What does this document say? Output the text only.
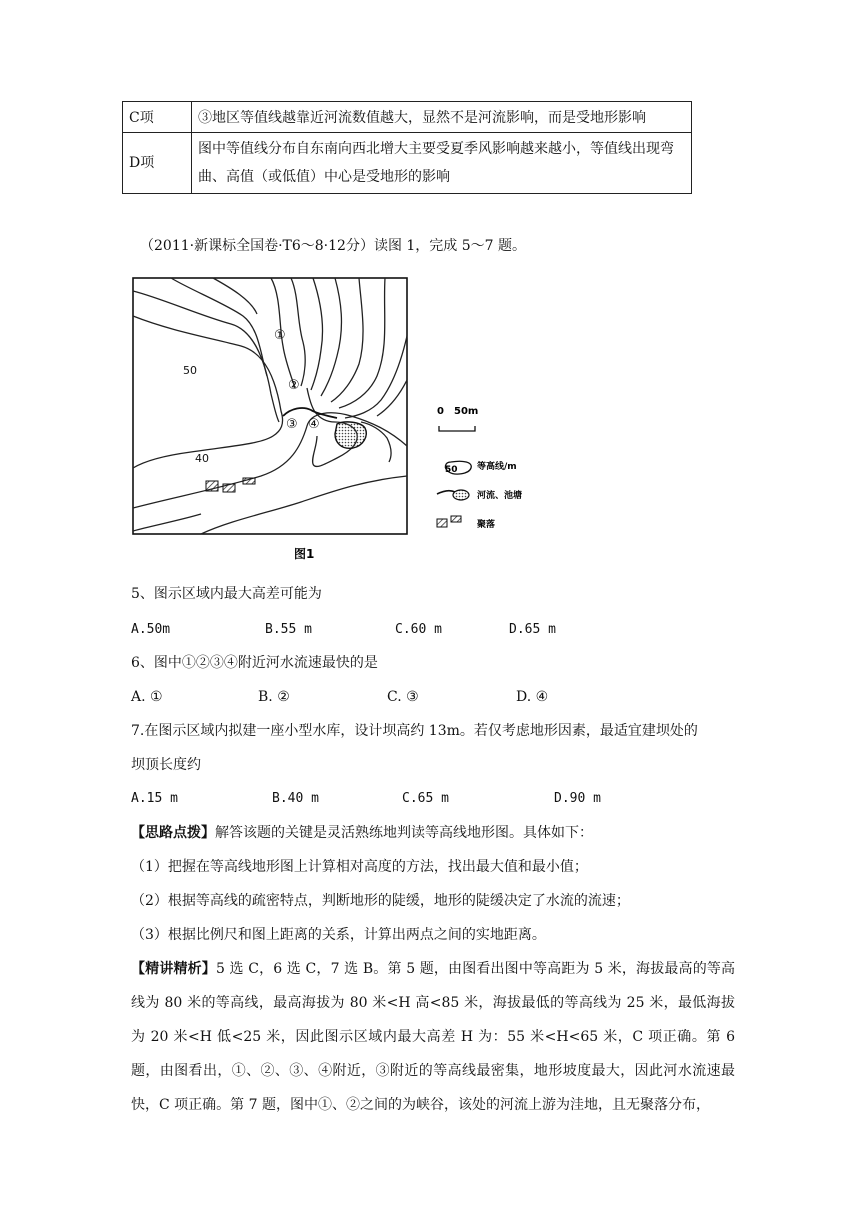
C项	③地区等值线越靠近河流数值越大，显然不是河流影响，而是受地形影响
D项	图中等值线分布自东南向西北增大主要受夏季风影响越来越小，等值线出现弯曲、高值（或低值）中心是受地形的影响
（2011·新课标全国卷·T6～8·12分）读图 1，完成 5～7 题。
50
40
①
②
③ ④
0 50m
50 等高线/m
河流、池塘
聚落
图1
5、图示区域内最大高差可能为
A.50m	B.55 m	C.60 m	D.65 m
6、图中①②③④附近河水流速最快的是
A. ①	B. ②	C. ③	D. ④
7.在图示区域内拟建一座小型水库，设计坝高约 13m。若仅考虑地形因素，最适宜建坝处的
坝顶长度约
A.15 m	B.40 m	C.65 m	D.90 m
【思路点拨】解答该题的关键是灵活熟练地判读等高线地形图。具体如下：
（1）把握在等高线地形图上计算相对高度的方法，找出最大值和最小值；
（2）根据等高线的疏密特点，判断地形的陡缓，地形的陡缓决定了水流的流速；
（3）根据比例尺和图上距离的关系，计算出两点之间的实地距离。
【精讲精析】5 选 C，6 选 C，7 选 B。第 5 题，由图看出图中等高距为 5 米，海拔最高的等高线为 80 米的等高线，最高海拔为 80 米<H 高<85 米，海拔最低的等高线为 25 米，最低海拔为 20 米<H 低<25 米，因此图示区域内最大高差 H 为：55 米<H<65 米，C 项正确。第 6 题，由图看出，①、②、③、④附近，③附近的等高线最密集，地形坡度最大，因此河水流速最快，C 项正确。第 7 题，图中①、②之间的为峡谷，该处的河流上游为洼地，且无聚落分布，
